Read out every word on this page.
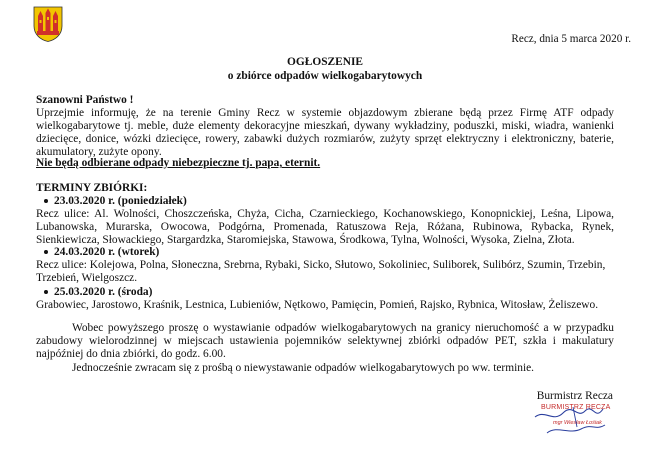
Recz, dnia 5 marca 2020 r.
OGŁOSZENIE
o zbiórce odpadów wielkogabarytowych
Szanowni Państwo !
Uprzejmie informuję, że na terenie Gminy Recz w systemie objazdowym zbierane będą przez Firmę ATF odpady wielkogabarytowe tj. meble, duże elementy dekoracyjne mieszkań, dywany wykładziny, poduszki, miski, wiadra, wanienki dziecięce, donice, wózki dziecięce, rowery, zabawki dużych rozmiarów, zużyty sprzęt elektryczny i elektroniczny, baterie, akumulatory, zużyte opony.
Nie będą odbierane odpady niebezpieczne tj. papa, eternit.
TERMINY ZBIÓRKI:
23.03.2020 r. (poniedziałek)
Recz ulice: Al. Wolności, Choszczeńska, Chyża, Cicha, Czarnieckiego, Kochanowskiego, Konopnickiej, Leśna, Lipowa, Lubanowska, Murarska, Owocowa, Podgórna, Promenada, Ratuszowa Reja, Różana, Rubinowa, Rybacka, Rynek, Sienkiewicza, Słowackiego, Stargardzka, Staromiejska, Stawowa, Środkowa, Tylna, Wolności, Wysoka, Zielna, Złota.
24.03.2020 r. (wtorek)
Recz ulice: Kolejowa, Polna, Słoneczna, Srebrna, Rybaki, Sicko, Słutowo, Sokoliniec, Suliborek, Sulibórz, Szumin, Trzebin, Trzebień, Wielgoszcz.
25.03.2020 r. (środa)
Grabowiec, Jarostowo, Kraśnik, Lestnica, Lubieniów, Nętkowo, Pamięcin, Pomień, Rajsko, Rybnica, Witosław, Żeliszewo.
Wobec powyższego proszę o wystawianie odpadów wielkogabarytowych na granicy nieruchomość a w przypadku zabudowy wielorodzinnej w miejscach ustawienia pojemników selektywnej zbiórki odpadów PET, szkła i makulatury najpóźniej do dnia zbiórki, do godz. 6.00.
Jednocześnie zwracam się z prośbą o niewystawanie odpadów wielkogabarytowych po ww. terminie.
Burmistrz Recza
BURMISTRZ RECZA
mgr Wiesław Łośiak
